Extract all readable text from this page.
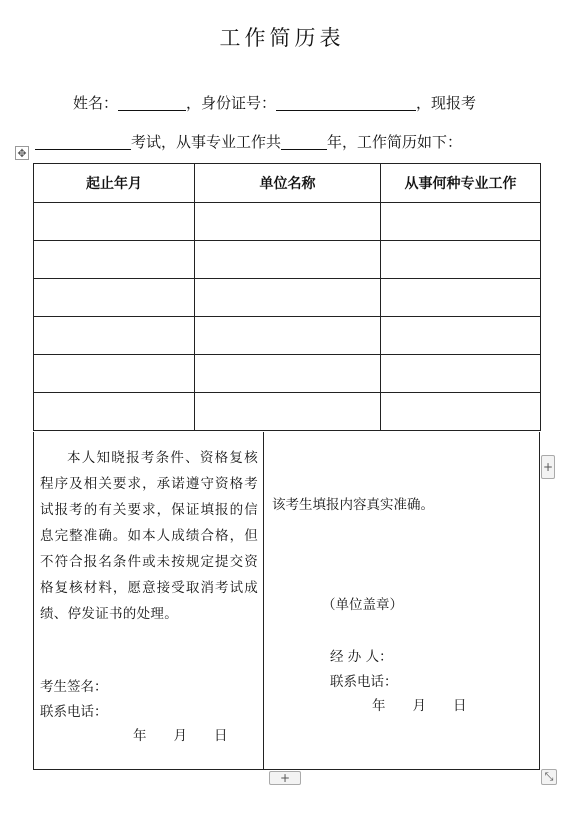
工作简历表
姓名：	，身份证号：	，现报考
考试，从事专业工作共	年，工作简历如下：
✥
起止年月	单位名称	从事何种专业工作

本人知晓报考条件、资格复核程序及相关要求，承诺遵守资格考试报考的有关要求，保证填报的信息完整准确。如本人成绩合格，但不符合报名条件或未按规定提交资格复核材料，愿意接受取消考试成绩、停发证书的处理。
考生签名：
联系电话：
年　　月　　日
该考生填报内容真实准确。
（单位盖章）
经 办 人：
联系电话：
年　　月　　日
+
+	⤡
